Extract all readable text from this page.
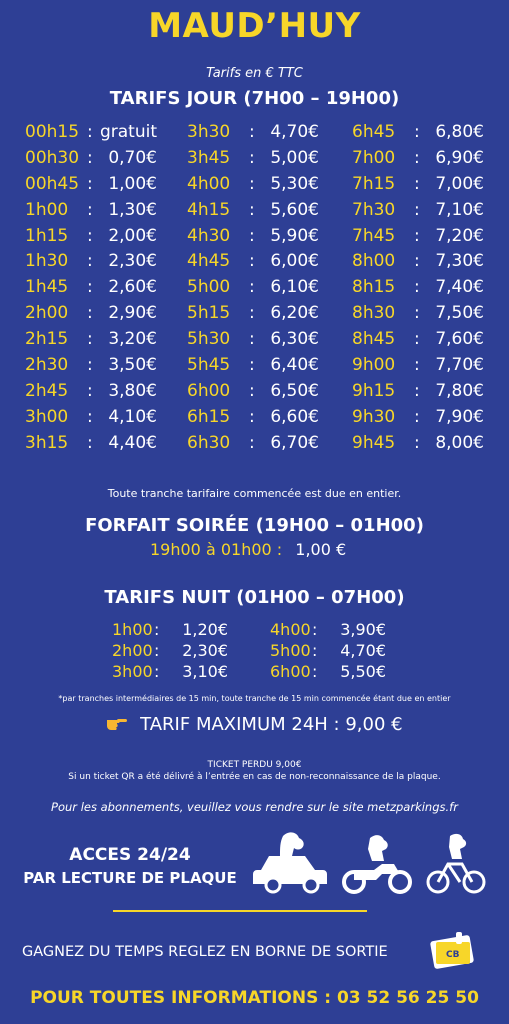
MAUD’HUY
Tarifs en € TTC
TARIFS JOUR (7H00 – 19H00)
00h15 : gratuit
00h30 : 0,70€
00h45 : 1,00€
1h00 : 1,30€
1h15 : 2,00€
1h30 : 2,30€
1h45 : 2,60€
2h00 : 2,90€
2h15 : 3,20€
2h30 : 3,50€
2h45 : 3,80€
3h00 : 4,10€
3h15 : 4,40€
3h30 : 4,70€
3h45 : 5,00€
4h00 : 5,30€
4h15 : 5,60€
4h30 : 5,90€
4h45 : 6,00€
5h00 : 6,10€
5h15 : 6,20€
5h30 : 6,30€
5h45 : 6,40€
6h00 : 6,50€
6h15 : 6,60€
6h30 : 6,70€
6h45 : 6,80€
7h00 : 6,90€
7h15 : 7,00€
7h30 : 7,10€
7h45 : 7,20€
8h00 : 7,30€
8h15 : 7,40€
8h30 : 7,50€
8h45 : 7,60€
9h00 : 7,70€
9h15 : 7,80€
9h30 : 7,90€
9h45 : 8,00€
Toute tranche tarifaire commencée est due en entier.
FORFAIT SOIRÉE (19H00 – 01H00)
19h00 à 01h00 : 1,00 €
TARIFS NUIT (01H00 – 07H00)
1h00 :	1,20€
2h00 :	2,30€
3h00 :	3,10€
4h00 :	3,90€
5h00 :	4,70€
6h00 :	5,50€
*par tranches intermédiaires de 15 min, toute tranche de 15 min commencée étant due en entier
TARIF MAXIMUM 24H : 9,00 €
TICKET PERDU 9,00€
Si un ticket QR a été délivré à l’entrée en cas de non-reconnaissance de la plaque.
Pour les abonnements, veuillez vous rendre sur le site metzparkings.fr
ACCES 24/24
PAR LECTURE DE PLAQUE
GAGNEZ DU TEMPS REGLEZ EN BORNE DE SORTIE	CB
POUR TOUTES INFORMATIONS : 03 52 56 25 50
